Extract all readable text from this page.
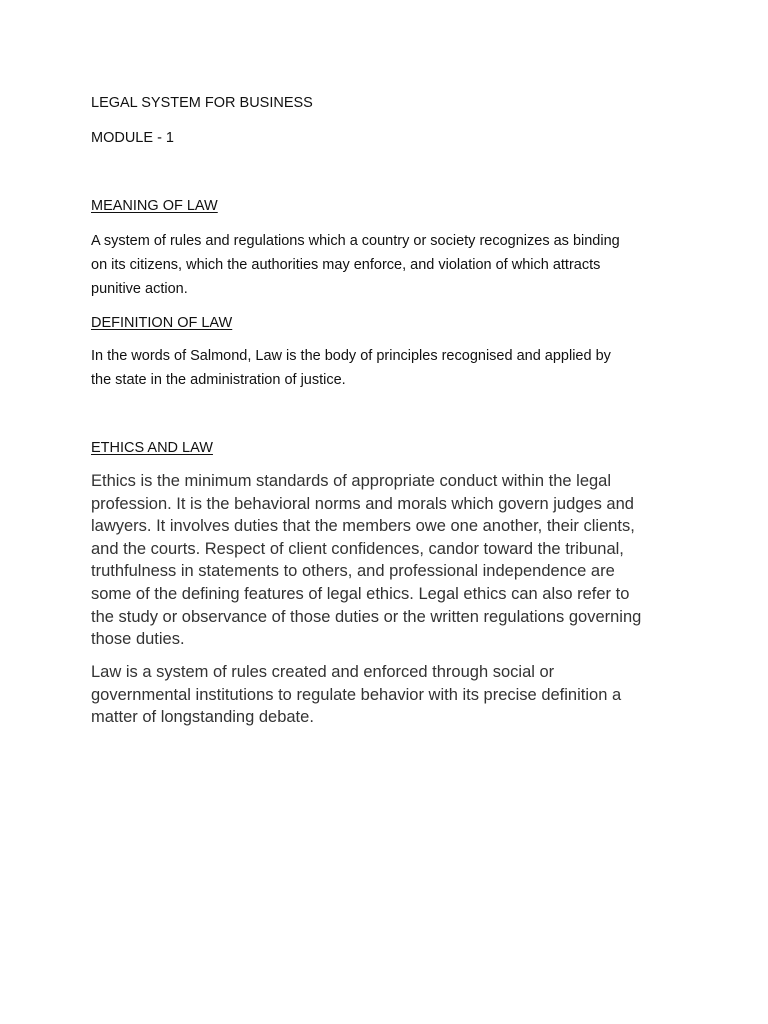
LEGAL SYSTEM FOR BUSINESS
MODULE - 1
MEANING OF LAW
A system of rules and regulations which a country or society recognizes as binding
on its citizens, which the authorities may enforce, and violation of which attracts
punitive action.
DEFINITION OF LAW
In the words of Salmond, Law is the body of principles recognised and applied by
the state in the administration of justice.
ETHICS AND LAW
Ethics is the minimum standards of appropriate conduct within the legal
profession. It is the behavioral norms and morals which govern judges and
lawyers. It involves duties that the members owe one another, their clients,
and the courts. Respect of client confidences, candor toward the tribunal,
truthfulness in statements to others, and professional independence are
some of the defining features of legal ethics. Legal ethics can also refer to
the study or observance of those duties or the written regulations governing
those duties.
Law is a system of rules created and enforced through social or
governmental institutions to regulate behavior with its precise definition a
matter of longstanding debate.
